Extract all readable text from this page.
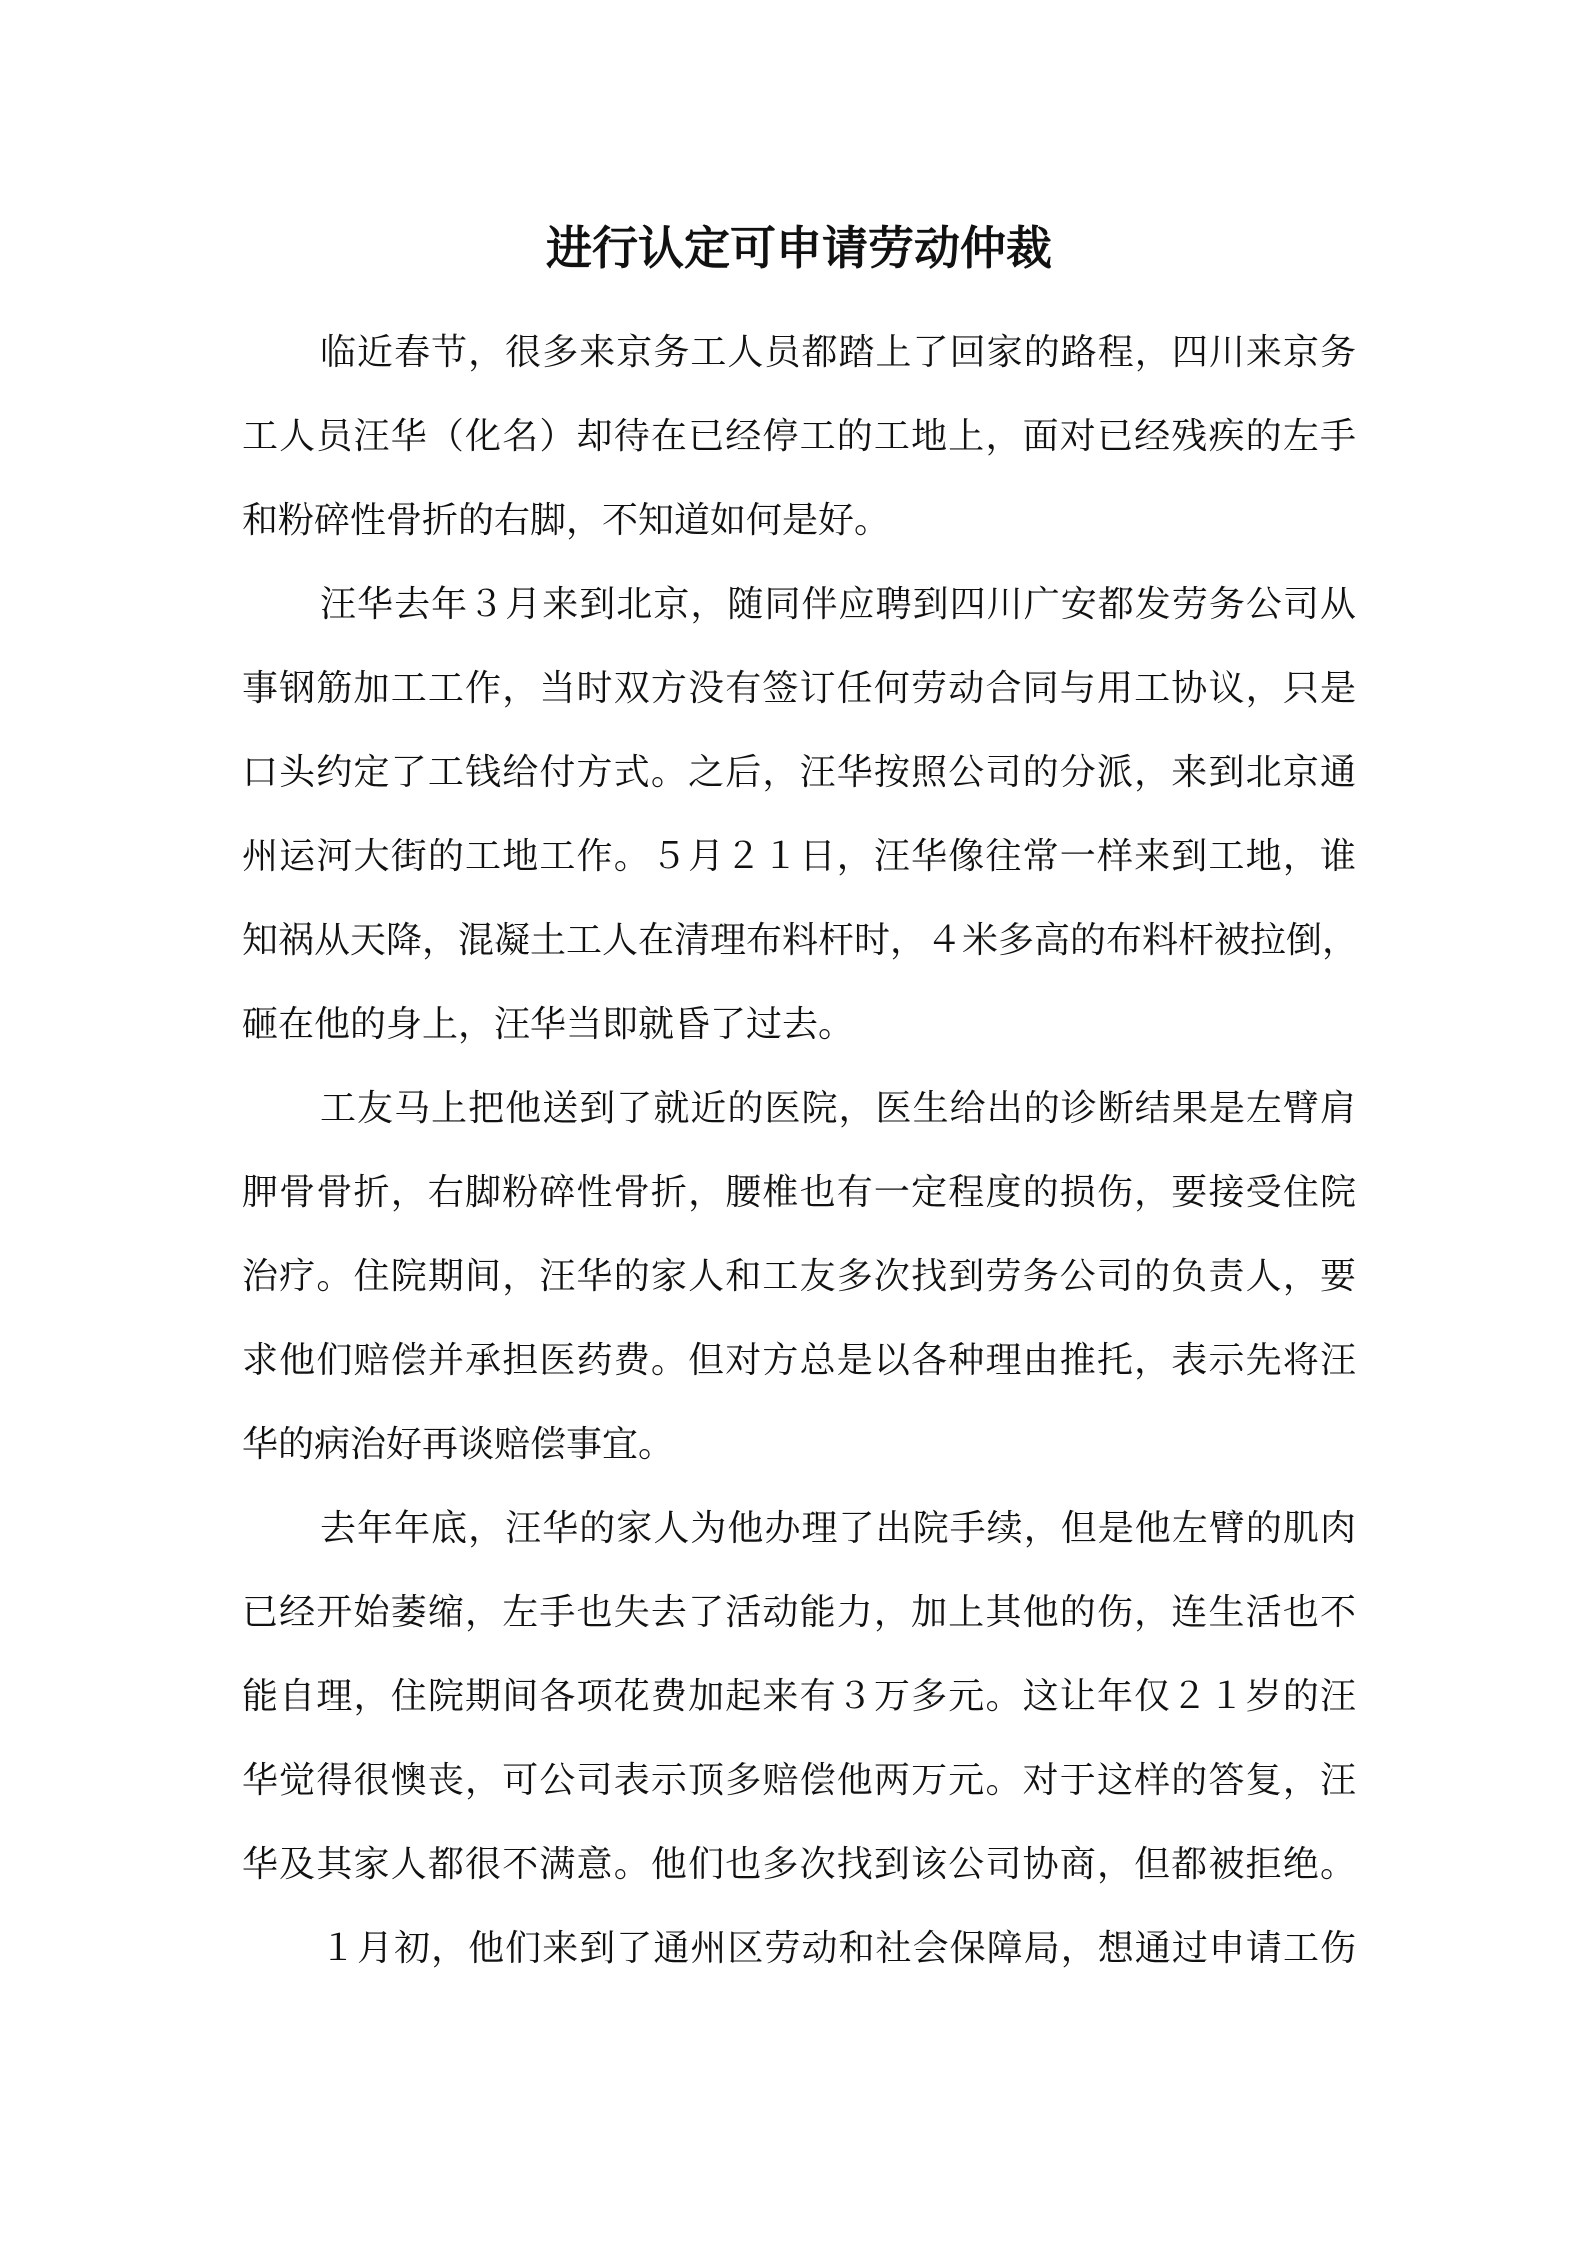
进行认定可申请劳动仲裁
临近春节，很多来京务工人员都踏上了回家的路程，四川来京务
工人员汪华（化名）却待在已经停工的工地上，面对已经残疾的左手
和粉碎性骨折的右脚，不知道如何是好。
汪华去年３月来到北京，随同伴应聘到四川广安都发劳务公司从
事钢筋加工工作，当时双方没有签订任何劳动合同与用工协议，只是
口头约定了工钱给付方式。之后，汪华按照公司的分派，来到北京通
州运河大街的工地工作。５月２１日，汪华像往常一样来到工地，谁
知祸从天降，混凝土工人在清理布料杆时，４米多高的布料杆被拉倒，
砸在他的身上，汪华当即就昏了过去。
工友马上把他送到了就近的医院，医生给出的诊断结果是左臂肩
胛骨骨折，右脚粉碎性骨折，腰椎也有一定程度的损伤，要接受住院
治疗。住院期间，汪华的家人和工友多次找到劳务公司的负责人，要
求他们赔偿并承担医药费。但对方总是以各种理由推托，表示先将汪
华的病治好再谈赔偿事宜。
去年年底，汪华的家人为他办理了出院手续，但是他左臂的肌肉
已经开始萎缩，左手也失去了活动能力，加上其他的伤，连生活也不
能自理，住院期间各项花费加起来有３万多元。这让年仅２１岁的汪
华觉得很懊丧，可公司表示顶多赔偿他两万元。对于这样的答复，汪
华及其家人都很不满意。他们也多次找到该公司协商，但都被拒绝。
１月初，他们来到了通州区劳动和社会保障局，想通过申请工伤
